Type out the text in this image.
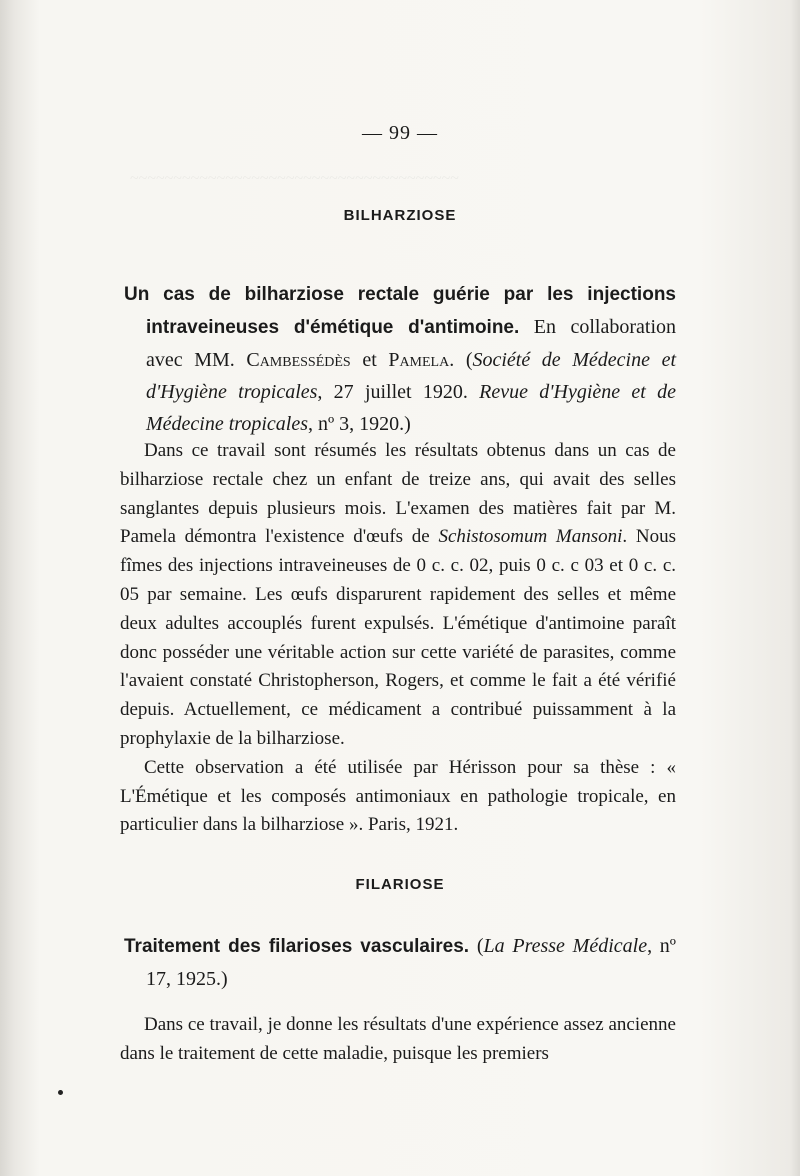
~~~~~~~~~~~~~~~~~~~~~~~~~~~~~~~~~~~~~~
— 99 —
BILHARZIOSE
Un cas de bilharziose rectale guérie par les injections intraveineuses d'émétique d'antimoine. En collaboration avec MM. Cambessédès et Pamela. (Société de Médecine et d'Hygiène tropicales, 27 juillet 1920. Revue d'Hygiène et de Médecine tropicales, nº 3, 1920.)

Dans ce travail sont résumés les résultats obtenus dans un cas de bilharziose rectale chez un enfant de treize ans, qui avait des selles sanglantes depuis plusieurs mois. L'examen des matières fait par M. Pamela démontra l'existence d'œufs de Schistosomum Mansoni. Nous fîmes des injections intraveineuses de 0 c. c. 02, puis 0 c. c 03 et 0 c. c. 05 par semaine. Les œufs disparurent rapidement des selles et même deux adultes accouplés furent expulsés. L'émétique d'antimoine paraît donc posséder une véritable action sur cette variété de parasites, comme l'avaient constaté Christopherson, Rogers, et comme le fait a été vérifié depuis. Actuellement, ce médicament a contribué puissamment à la prophylaxie de la bilharziose.

Cette observation a été utilisée par Hérisson pour sa thèse : « L'Émétique et les composés antimoniaux en pathologie tropicale, en particulier dans la bilharziose ». Paris, 1921.

FILARIOSE
Traitement des filarioses vasculaires. (La Presse Médicale, nº 17, 1925.)

Dans ce travail, je donne les résultats d'une expérience assez ancienne dans le traitement de cette maladie, puisque les premiers
